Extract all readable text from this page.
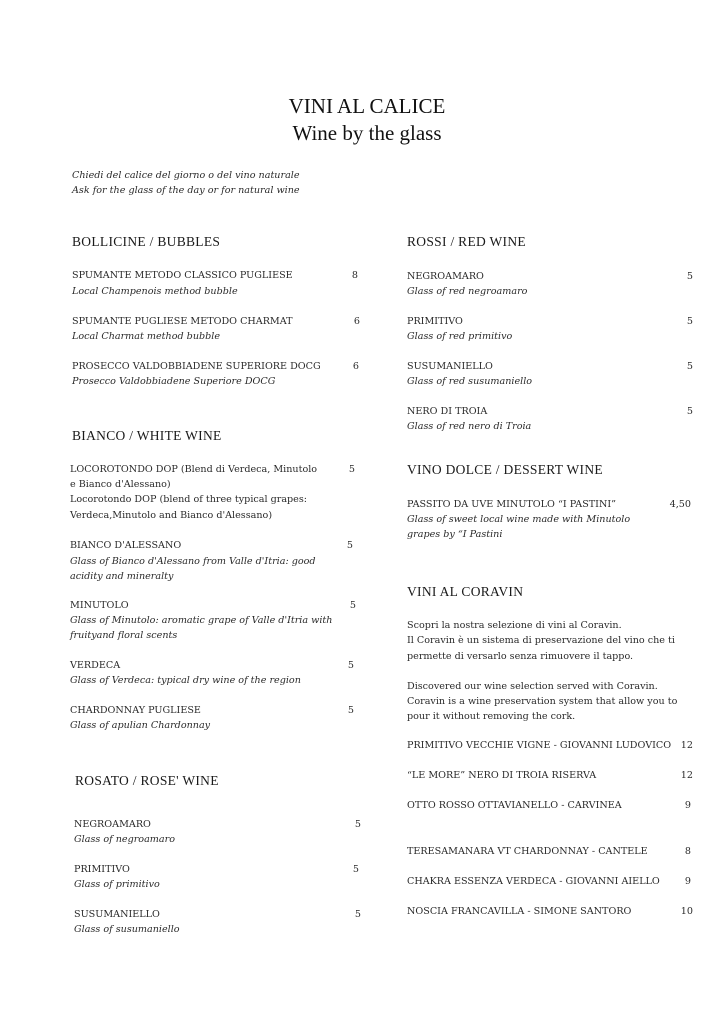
VINI AL CALICE
Wine by the glass
Chiedi del calice del giorno o del vino naturale
Ask for the glass of the day or for natural wine
BOLLICINE / BUBBLES
SPUMANTE METODO CLASSICO PUGLIESE
Local Champenois method bubble
8
SPUMANTE PUGLIESE METODO CHARMAT
Local Charmat method bubble
6
PROSECCO VALDOBBIADENE SUPERIORE DOCG
Prosecco Valdobbiadene Superiore DOCG
6
BIANCO / WHITE WINE
LOCOROTONDO DOP (Blend di Verdeca, Minutolo
e Bianco d'Alessano)
Locorotondo DOP (blend of three typical grapes:
Verdeca,Minutolo and Bianco d'Alessano)
5
BIANCO D'ALESSANO
Glass of Bianco d'Alessano from Valle d'Itria: good
acidity and mineralty
5
MINUTOLO
Glass of Minutolo: aromatic grape of Valle d'Itria with
fruityand floral scents
5
VERDECA
Glass of Verdeca: typical dry wine of the region
5
CHARDONNAY PUGLIESE
Glass of apulian Chardonnay
5
ROSATO / ROSE' WINE
NEGROAMARO
Glass of negroamaro
5
PRIMITIVO
Glass of primitivo
5
SUSUMANIELLO
Glass of susumaniello
5
ROSSI / RED WINE
NEGROAMARO
Glass of red negroamaro
5
PRIMITIVO
Glass of red primitivo
5
SUSUMANIELLO
Glass of red susumaniello
5
NERO DI TROIA
Glass of red nero di Troia
5
VINO DOLCE / DESSERT WINE
PASSITO DA UVE MINUTOLO “I PASTINI”
Glass of sweet local wine made with Minutolo
grapes by “I Pastini
4,50
VINI AL CORAVIN
Scopri la nostra selezione di vini al Coravin.
Il Coravin è un sistema di preservazione del vino che ti
permette di versarlo senza rimuovere il tappo.
Discovered our wine selection served with Coravin.
Coravin is a wine preservation system that allow you to
pour it without removing the cork.
PRIMITIVO VECCHIE VIGNE - GIOVANNI LUDOVICO	12
“LE MORE” NERO DI TROIA RISERVA	12
OTTO ROSSO OTTAVIANELLO - CARVINEA	9
TERESAMANARA VT CHARDONNAY - CANTELE	8
CHAKRA ESSENZA VERDECA - GIOVANNI AIELLO	9
NOSCIA FRANCAVILLA - SIMONE SANTORO	10
